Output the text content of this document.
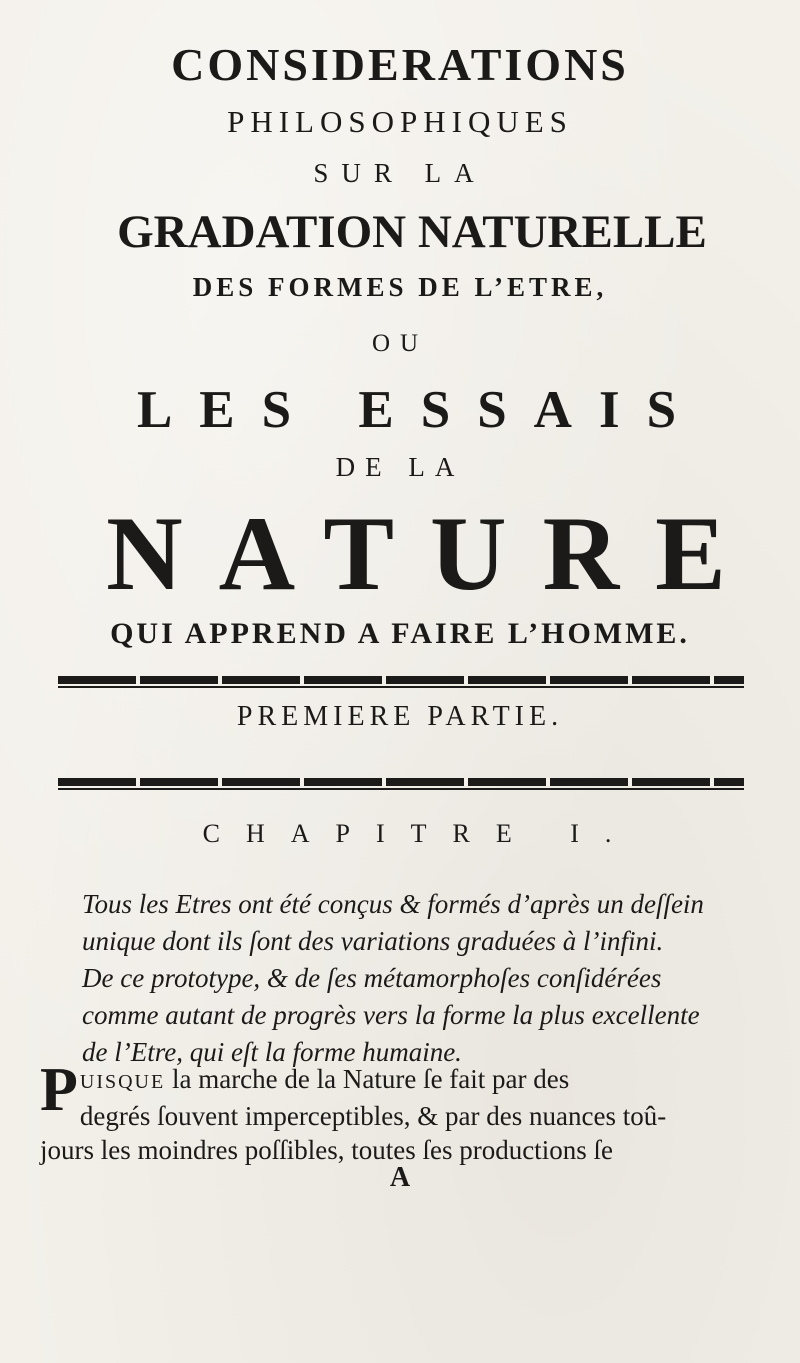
CONSIDERATIONS
PHILOSOPHIQUES
SUR LA
GRADATION NATURELLE
DES FORMES DE L’ETRE,
OU
LES ESSAIS
DE LA
NATURE
QUI APPREND A FAIRE L’HOMME.
PREMIERE PARTIE.
CHAPITRE I.
Tous les Etres ont été conçus & formés d’après un deſſein
unique dont ils ſont des variations graduées à l’infini.
De ce prototype, & de ſes métamorphoſes conſidérées
comme autant de progrès vers la forme la plus excellente
de l’Etre, qui eſt la forme humaine.
P UISQUE la marche de la Nature ſe fait par des
degrés ſouvent imperceptibles, & par des nuances toû-
jours les moindres poſſibles, toutes ſes productions ſe
A
